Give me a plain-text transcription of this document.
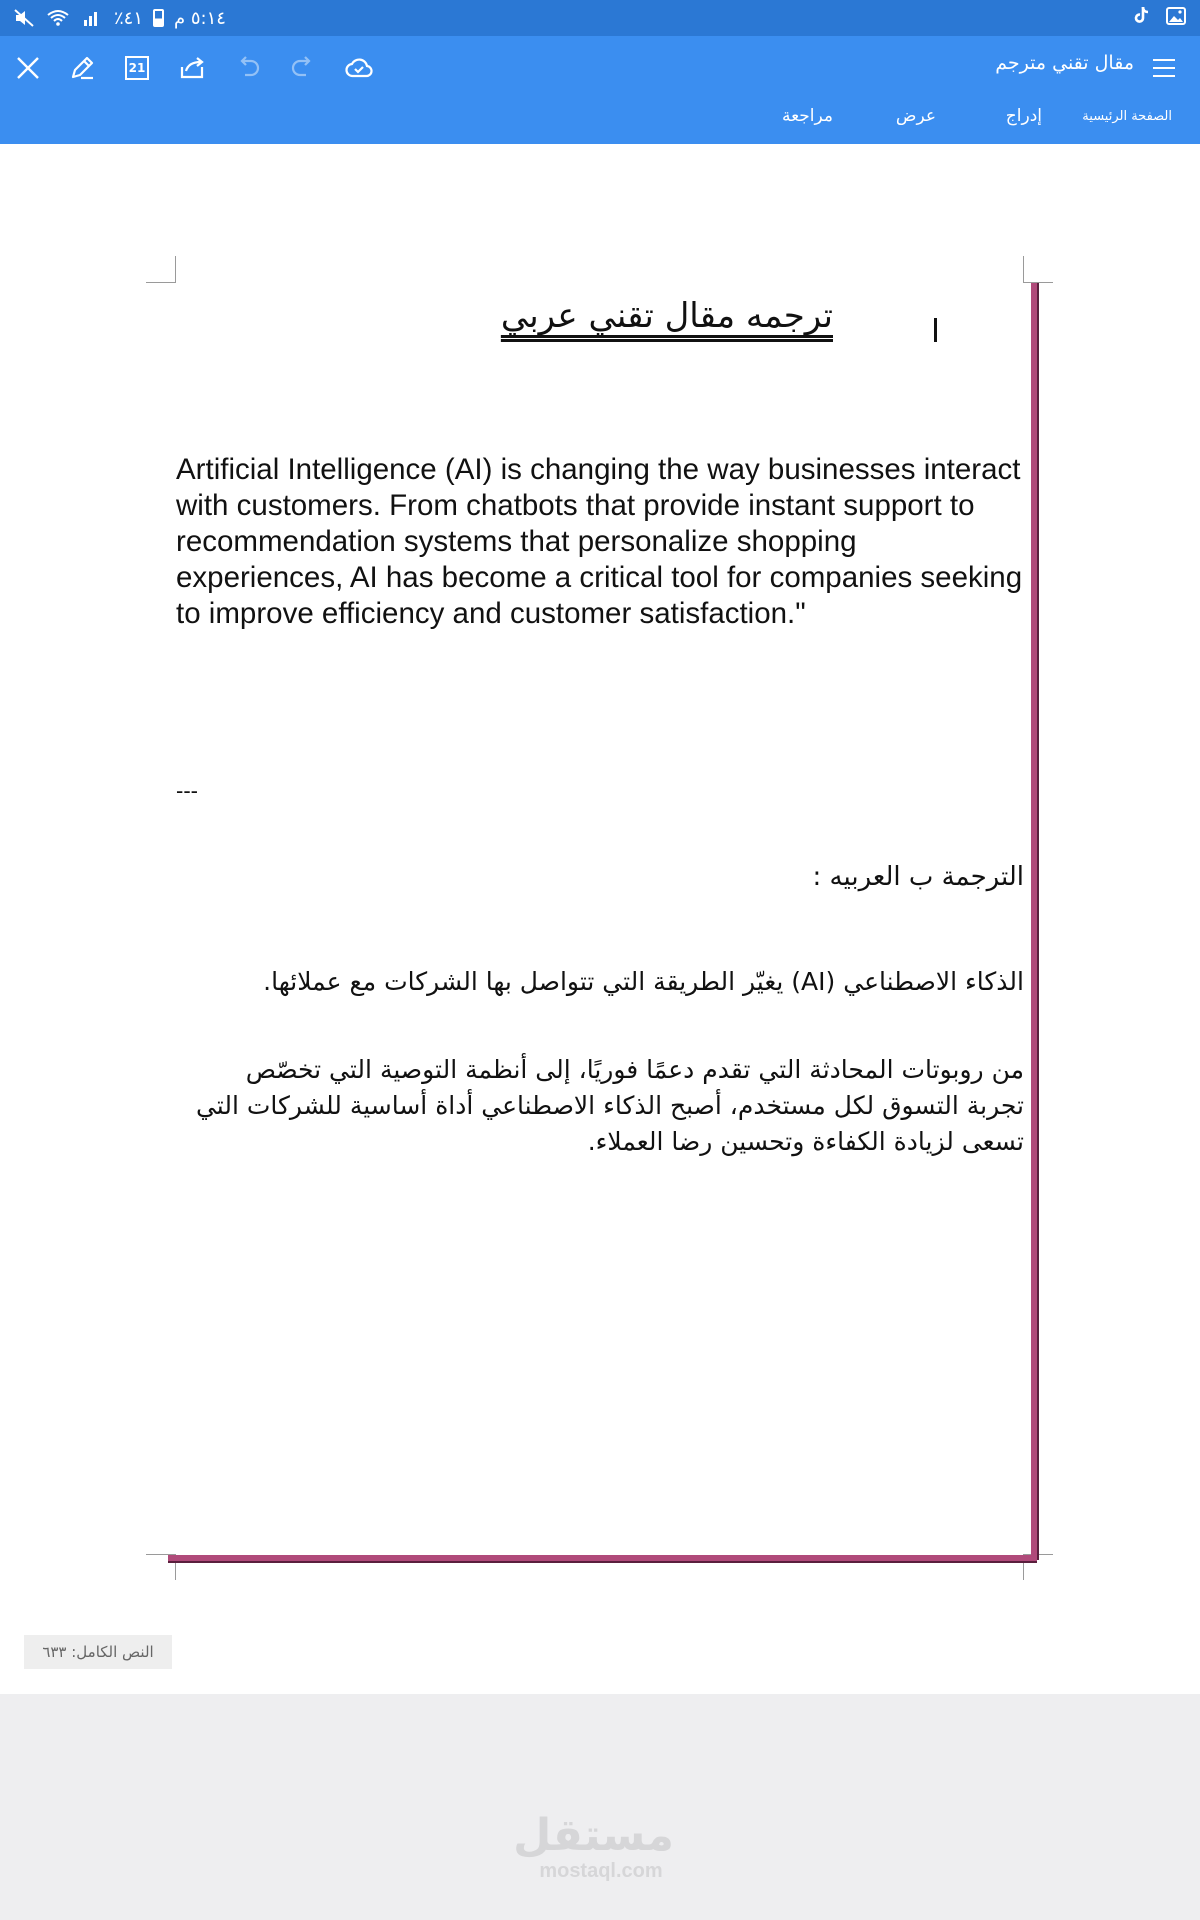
٥:١٤ م
٤١٪
21	مقال تقني مترجم
الصفحة الرئيسية
إدراج
عرض
مراجعة
ترجمه مقال تقني عربي
Artificial Intelligence (AI) is changing the way businesses interact with customers. From chatbots that provide instant support to recommendation systems that personalize shopping experiences, AI has become a critical tool for companies seeking to improve efficiency and customer satisfaction."
---
الترجمة ب العربيه :
الذكاء الاصطناعي (AI) يغيّر الطريقة التي تتواصل بها الشركات مع عملائها.
من روبوتات المحادثة التي تقدم دعمًا فوريًا، إلى أنظمة التوصية التي تخصّص تجربة التسوق لكل مستخدم، أصبح الذكاء الاصطناعي أداة أساسية للشركات التي تسعى لزيادة الكفاءة وتحسين رضا العملاء.
النص الكامل: ٦٣٣
مستقل
mostaql.com
